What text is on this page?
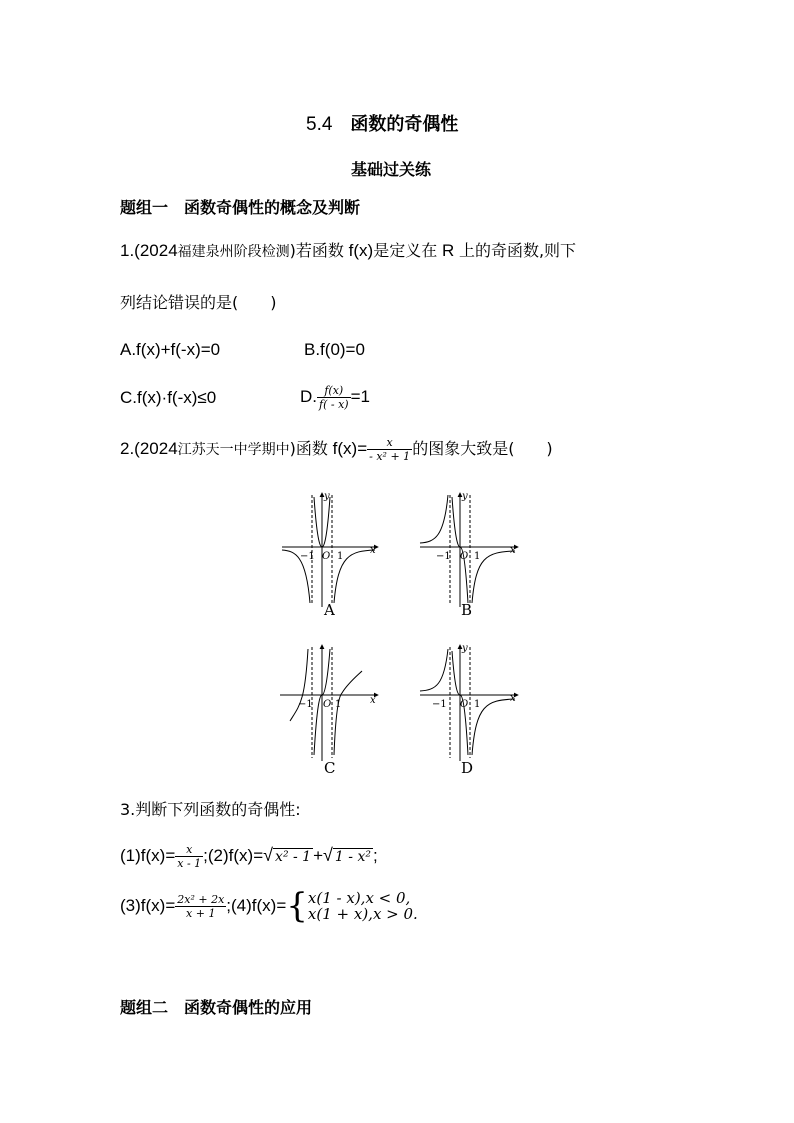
5.4 函数的奇偶性
基础过关练
题组一　函数奇偶性的概念及判断
1.(2024福建泉州阶段检测)若函数 f(x)是定义在 R 上的奇函数,则下
列结论错误的是(　　)
A.f(x)+f(-x)=0	B.f(0)=0
C.f(x)·f(-x)≤0	D. $\frac{f(x)}{f( - x)} =1$
2.(2024江苏天一中学期中)函数 $f(x)= \frac{x}{\text{- x² + 1}}$ 的图象大致是(　　)
x
y
−1 O 1
A
x
y
−1 O 1
B
x
−1 O 1
C
x
y
−1 O 1
D
3.判断下列函数的奇偶性:
$(1)f(x)= \frac{x}{x - 1}$ ;(2)f(x)=√ x² - 1 +√ 1 - x² ;
$(3)f(x)= \frac{\text{2x² + 2x}}{x + 1}$ ;(4)f(x)={ x(1 - x),x < 0,
x(1 + x),x > 0.
题组二　函数奇偶性的应用
